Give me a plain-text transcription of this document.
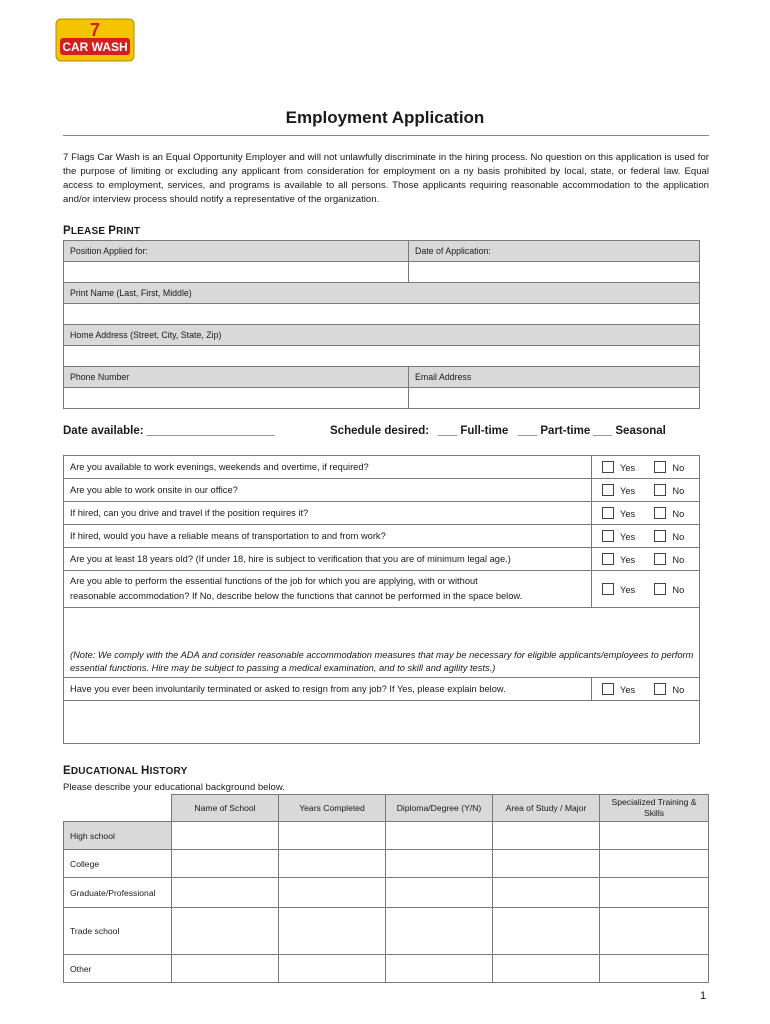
7
CAR WASH
Employment Application
7 Flags Car Wash is an Equal Opportunity Employer and will not unlawfully discriminate in the hiring process. No question on this application is used for the purpose of limiting or excluding any applicant from consideration for employment on a ny basis prohibited by local, state, or federal law. Equal access to employment, services, and programs is available to all persons. Those applicants requiring reasonable accommodation to the application and/or interview process should notify a representative of the organization.
PLEASE PRINT
Position Applied for:	Date of Application:

Print Name (Last, First, Middle)	

Home Address (Street, City, State, Zip)	

Phone Number	Email Address

Date available: ____________________	Schedule desired: ___ Full-time ___ Part-time ___ Seasonal
Are you available to work evenings, weekends and overtime, if required?	Yes No
Are you able to work onsite in our office?	Yes No
If hired, can you drive and travel if the position requires it?	Yes No
If hired, would you have a reliable means of transportation to and from work?	Yes No
Are you at least 18 years old? (If under 18, hire is subject to verification that you are of minimum legal age.)	Yes No

Are you able to perform the essential functions of the job for which you are applying, with or without
reasonable accommodation? If No, describe below the functions that cannot be performed in the space below.	Yes No
(Note: We comply with the ADA and consider reasonable accommodation measures that may be necessary for eligible applicants/employees to perform essential functions. Hire may be subject to passing a medical examination, and to skill and agility tests.)	
Have you ever been involuntarily terminated or asked to resign from any job? If Yes, please explain below.	Yes No

EDUCATIONAL HISTORY
Please describe your educational background below.
	Name of School	Years Completed	Diploma/Degree (Y/N)	Area of Study / Major	Specialized Training & Skills
High school					
College					
Graduate/Professional					
Trade school					
Other					
1
